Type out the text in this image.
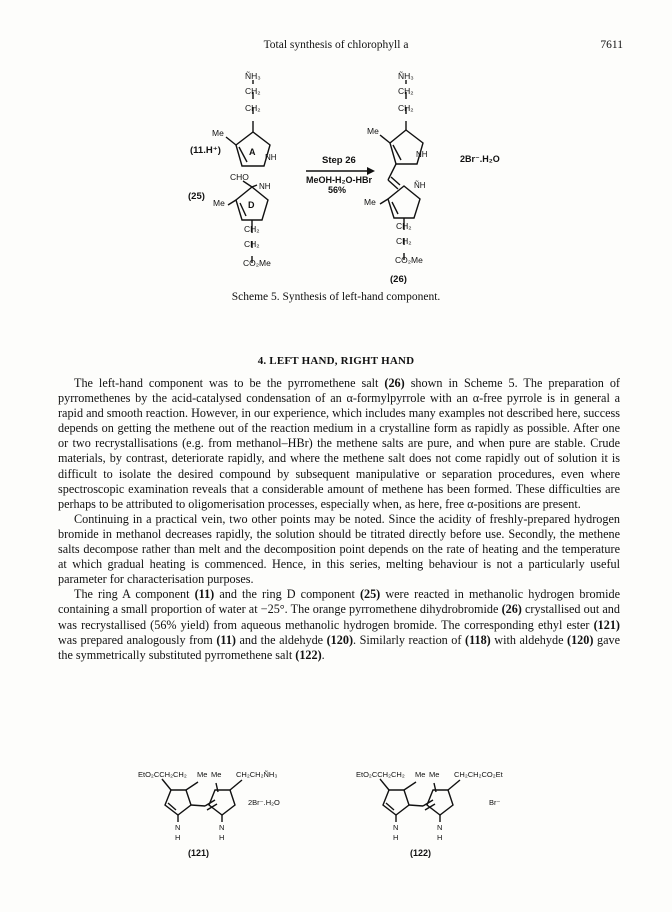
Total synthesis of chlorophyll a	7611
ÑH₃
CH₂
CH₂
Me
A
NH
(11.H⁺)
CHO
NH
D
Me
(25)
CH₂
CH₂
CO₂Me
Step 26
MeOH-H₂O-HBr
56%
ÑH₃
CH₂
CH₂
Me
NH
ÑH
Me
CH₂
CH₂
CO₂Me
2Br⁻.H₂O
(26)
Scheme 5. Synthesis of left-hand component.
4. LEFT HAND, RIGHT HAND

The left-hand component was to be the pyrromethene salt (26) shown in Scheme 5. The preparation of pyrromethenes by the acid-catalysed condensation of an α-formylpyrrole with an α-free pyrrole is in general a rapid and smooth reaction. However, in our experience, which includes many examples not described here, success depends on getting the methene out of the reaction medium in a crystalline form as rapidly as possible. After one or two recrystallisations (e.g. from methanol–HBr) the methene salts are pure, and when pure are stable. Crude materials, by contrast, deteriorate rapidly, and where the methene salt does not come rapidly out of solution it is difficult to isolate the desired compound by subsequent manipulative or separation procedures, even where spectroscopic examination reveals that a considerable amount of methene has been formed. These difficulties are perhaps to be attributed to oligomerisation processes, especially when, as here, free α-positions are present.

Continuing in a practical vein, two other points may be noted. Since the acidity of freshly-prepared hydrogen bromide in methanol decreases rapidly, the solution should be titrated directly before use. Secondly, the methene salts decompose rather than melt and the decomposition point depends on the rate of heating and the temperature at which gradual heating is commenced. Hence, in this series, melting behaviour is not a particularly useful parameter for characterisation purposes.

The ring A component (11) and the ring D component (25) were reacted in methanolic hydrogen bromide containing a small proportion of water at −25°. The orange pyrromethene dihydrobromide (26) crystallised out and was recrystallised (56% yield) from aqueous methanolic hydrogen bromide. The corresponding ethyl ester (121) was prepared analogously from (11) and the aldehyde (120). Similarly reaction of (118) with aldehyde (120) gave the symmetrically substituted pyrromethene salt (122).

EtO₂CCH₂CH₂ Me Me CH₂CH₂ÑH₃
2Br⁻.H₂O
N
H
N
H
(121)
EtO₂CCH₂CH₂ Me Me CH₂CH₂CO₂Et
Br⁻
N
H
N
H
(122)
